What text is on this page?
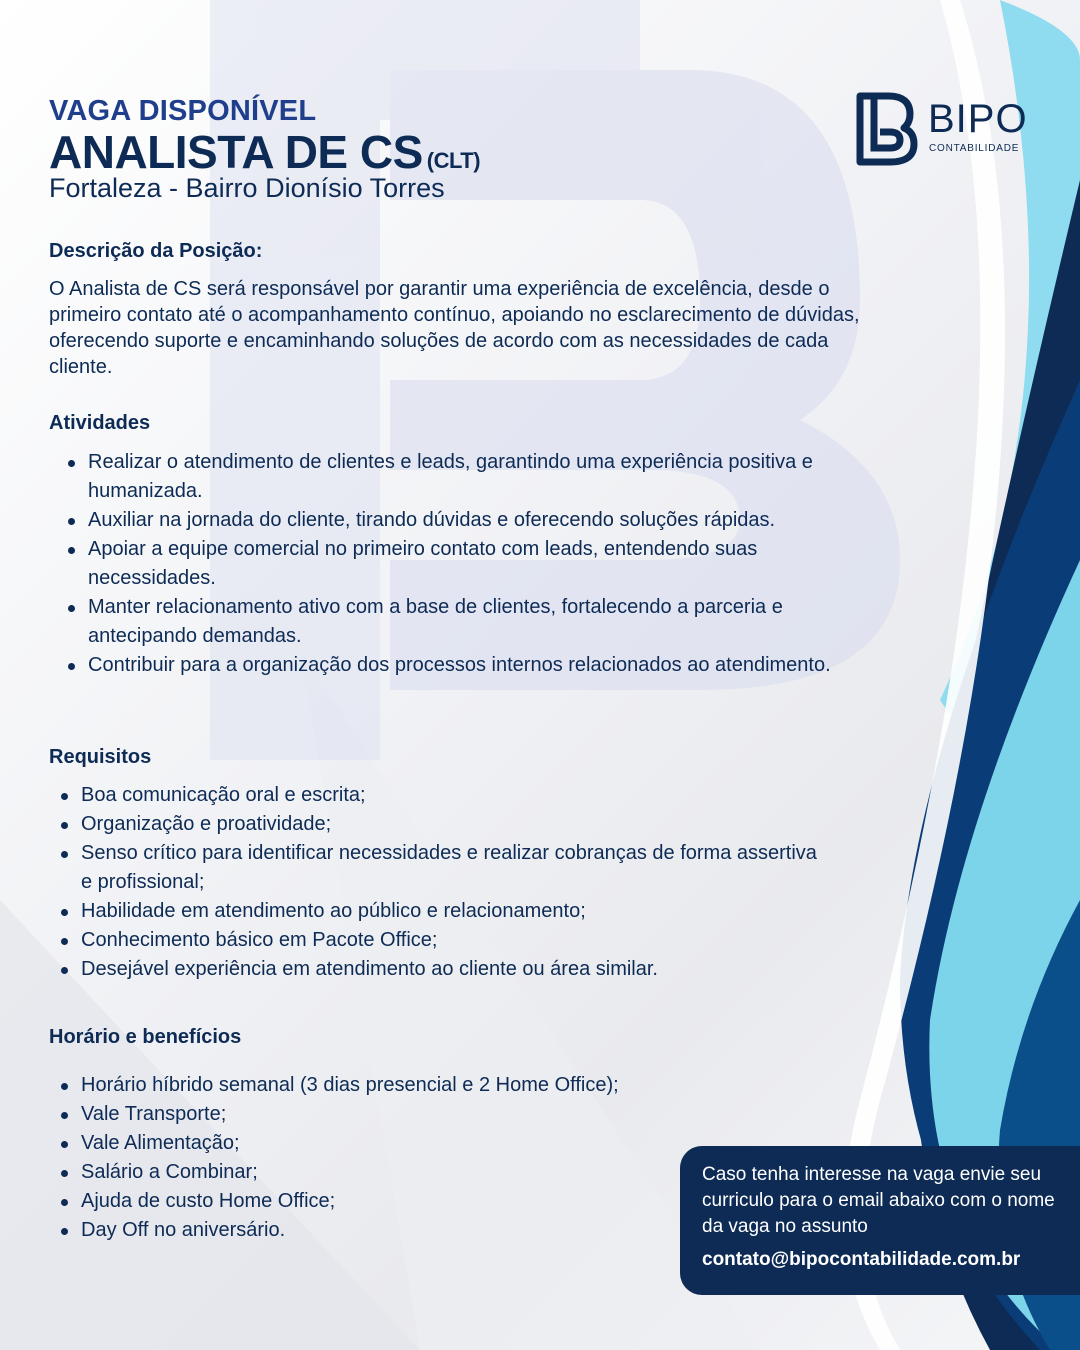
VAGA DISPONÍVEL

ANALISTA DE CS (CLT)

Fortaleza - Bairro Dionísio Torres

BIPO
CONTABILIDADE
Descrição da Posição:

O Analista de CS será responsável por garantir uma experiência de excelência, desde o primeiro contato até o acompanhamento contínuo, apoiando no esclarecimento de dúvidas, oferecendo suporte e encaminhando soluções de acordo com as necessidades de cada cliente.

Atividades
Realizar o atendimento de clientes e leads, garantindo uma experiência positiva e humanizada.
Auxiliar na jornada do cliente, tirando dúvidas e oferecendo soluções rápidas.
Apoiar a equipe comercial no primeiro contato com leads, entendendo suas necessidades.
Manter relacionamento ativo com a base de clientes, fortalecendo a parceria e antecipando demandas.
Contribuir para a organização dos processos internos relacionados ao atendimento.
Requisitos
Boa comunicação oral e escrita;
Organização e proatividade;
Senso crítico para identificar necessidades e realizar cobranças de forma assertiva e profissional;
Habilidade em atendimento ao público e relacionamento;
Conhecimento básico em Pacote Office;
Desejável experiência em atendimento ao cliente ou área similar.
Horário e benefícios
Horário híbrido semanal (3 dias presencial e 2 Home Office);
Vale Transporte;
Vale Alimentação;
Salário a Combinar;
Ajuda de custo Home Office;
Day Off no aniversário.

Caso tenha interesse na vaga envie seu curriculo para o email abaixo com o nome da vaga no assunto

contato@bipocontabilidade.com.br
